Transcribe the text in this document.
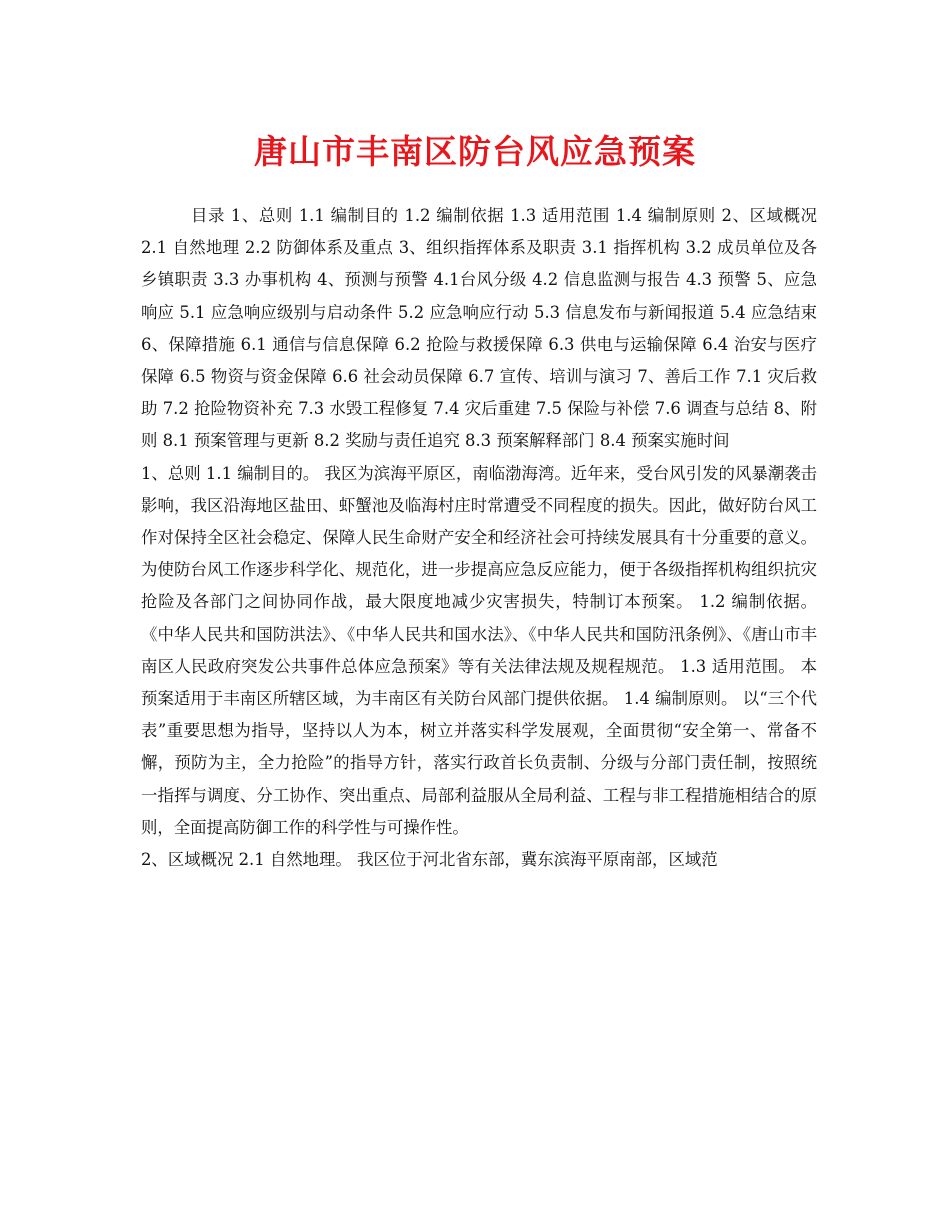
唐山市丰南区防台风应急预案

目录 1、总则 1.1 编制目的 1.2 编制依据 1.3 适用范围 1.4 编制原则 2、区域概况 2.1 自然地理 2.2 防御体系及重点 3、组织指挥体系及职责 3.1 指挥机构 3.2 成员单位及各乡镇职责 3.3 办事机构 4、预测与预警 4.1台风分级 4.2 信息监测与报告 4.3 预警 5、应急响应 5.1 应急响应级别与启动条件 5.2 应急响应行动 5.3 信息发布与新闻报道 5.4 应急结束 6、保障措施 6.1 通信与信息保障 6.2 抢险与救援保障 6.3 供电与运输保障 6.4 治安与医疗保障 6.5 物资与资金保障 6.6 社会动员保障 6.7 宣传、培训与演习 7、善后工作 7.1 灾后救助 7.2 抢险物资补充 7.3 水毁工程修复 7.4 灾后重建 7.5 保险与补偿 7.6 调查与总结 8、附则 8.1 预案管理与更新 8.2 奖励与责任追究 8.3 预案解释部门 8.4 预案实施时间

1、总则 1.1 编制目的。 我区为滨海平原区，南临渤海湾。近年来，受台风引发的风暴潮袭击影响，我区沿海地区盐田、虾蟹池及临海村庄时常遭受不同程度的损失。因此，做好防台风工作对保持全区社会稳定、保障人民生命财产安全和经济社会可持续发展具有十分重要的意义。为使防台风工作逐步科学化、规范化，进一步提高应急反应能力，便于各级指挥机构组织抗灾抢险及各部门之间协同作战，最大限度地减少灾害损失，特制订本预案。 1.2 编制依据。 《中华人民共和国防洪法》、《中华人民共和国水法》、《中华人民共和国防汛条例》、《唐山市丰南区人民政府突发公共事件总体应急预案》等有关法律法规及规程规范。 1.3 适用范围。 本预案适用于丰南区所辖区域，为丰南区有关防台风部门提供依据。 1.4 编制原则。 以“三个代表”重要思想为指导，坚持以人为本，树立并落实科学发展观，全面贯彻“安全第一、常备不懈，预防为主，全力抢险”的指导方针，落实行政首长负责制、分级与分部门责任制，按照统一指挥与调度、分工协作、突出重点、局部利益服从全局利益、工程与非工程措施相结合的原则，全面提高防御工作的科学性与可操作性。

2、区域概况 2.1 自然地理。 我区位于河北省东部，冀东滨海平原南部，区域范
